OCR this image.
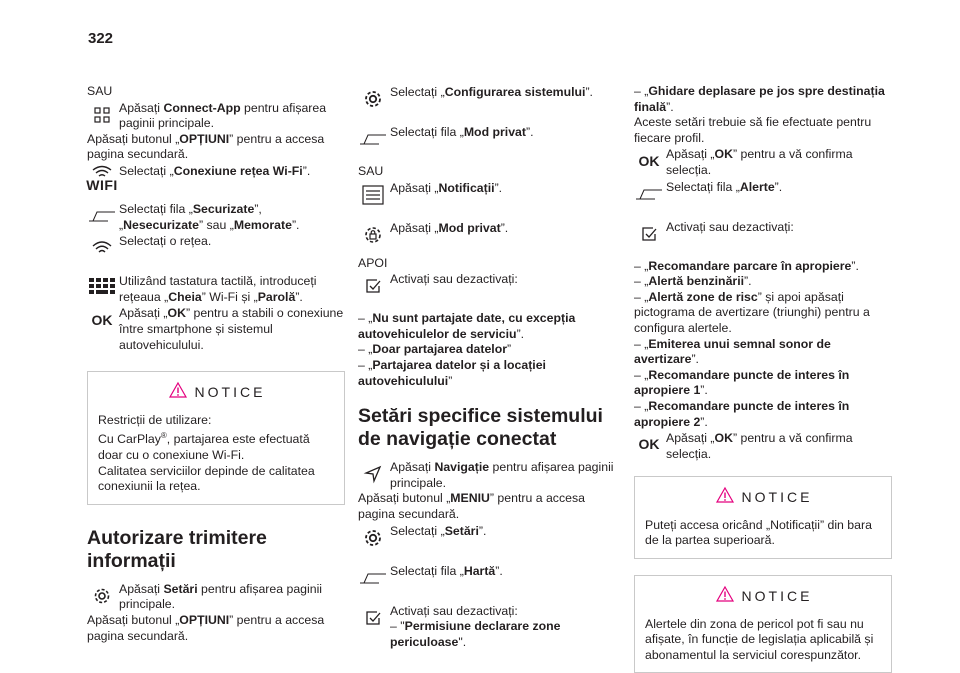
322

SAU

Apăsați Connect-App pentru afișarea paginii principale.

Apăsați butonul „OPȚIUNI” pentru a accesa pagina secundară.

WIFI
Selectați „Conexiune rețea Wi-Fi”.
Selectați fila „Securizate”, „Nesecurizate” sau „Memorate”.
Selectați o rețea.
Utilizând tastatura tactilă, introduceți rețeaua „Cheia” Wi-Fi și „Parolă”.
OK Apăsați „OK” pentru a stabili o conexiune între smartphone și sistemul autovehiculului.
NOTICE

Restricții de utilizare:

Cu CarPlay®, partajarea este efectuată doar cu o conexiune Wi-Fi.

Calitatea serviciilor depinde de calitatea conexiunii la rețea.

Autorizare trimitere informații
Apăsați Setări pentru afișarea paginii principale.

Apăsați butonul „OPȚIUNI” pentru a accesa pagina secundară.

Selectați „Configurarea sistemului”.
Selectați fila „Mod privat”.

SAU

Apăsați „Notificații”.
Apăsați „Mod privat”.

APOI

Activați sau dezactivați:

– „Nu sunt partajate date, cu excepția autovehiculelor de serviciu”.

– „Doar partajarea datelor”

– „Partajarea datelor și a locației autovehiculului”

Setări specifice sistemului de navigație conectat
Apăsați Navigație pentru afișarea paginii principale.

Apăsați butonul „MENIU” pentru a accesa pagina secundară.

Selectați „Setări”.
Selectați fila „Hartă”.
Activați sau dezactivați:
– "Permisiune declarare zone periculoase".

– „Ghidare deplasare pe jos spre destinația finală”.

Aceste setări trebuie să fie efectuate pentru fiecare profil.

OK Apăsați „OK” pentru a vă confirma selecția.
Selectați fila „Alerte”.
Activați sau dezactivați:

– „Recomandare parcare în apropiere”.

– „Alertă benzinării”.

– „Alertă zone de risc” și apoi apăsați pictograma de avertizare (triunghi) pentru a configura alertele.

– „Emiterea unui semnal sonor de avertizare”.

– „Recomandare puncte de interes în apropiere 1”.

– „Recomandare puncte de interes în apropiere 2”.

OK Apăsați „OK” pentru a vă confirma selecția.
NOTICE

Puteți accesa oricând „Notificații” din bara de la partea superioară.

NOTICE

Alertele din zona de pericol pot fi sau nu afișate, în funcție de legislația aplicabilă și abonamentul la serviciul corespunzător.
